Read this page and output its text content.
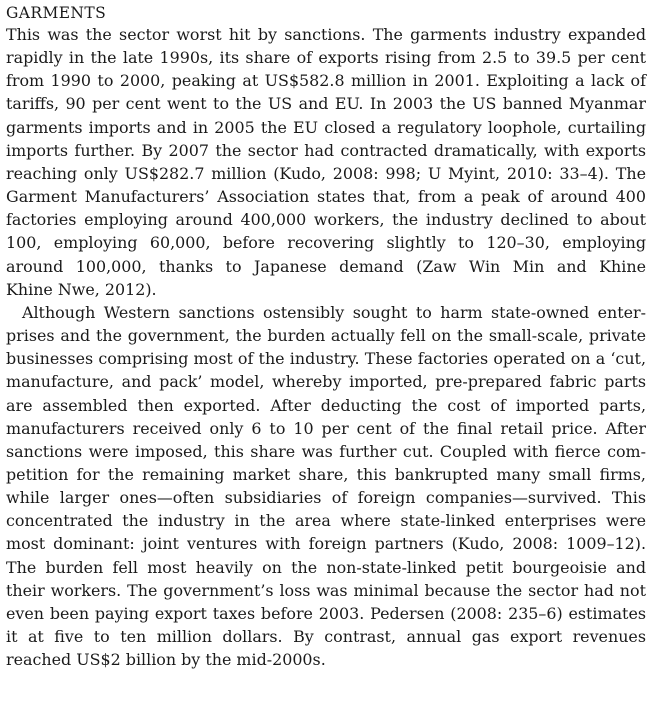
GARMENTS

This was the sector worst hit by sanctions. The garments industry expanded
rapidly in the late 1990s, its share of exports rising from 2.5 to 39.5 per cent
from 1990 to 2000, peaking at US$582.8 million in 2001. Exploiting a lack of
tariffs, 90 per cent went to the US and EU. In 2003 the US banned Myanmar
garments imports and in 2005 the EU closed a regulatory loophole, curtailing
imports further. By 2007 the sector had contracted dramatically, with exports
reaching only US$282.7 million (Kudo, 2008: 998; U Myint, 2010: 33–4). The
Garment Manufacturers’ Association states that, from a peak of around 400
factories employing around 400,000 workers, the industry declined to about
100, employing 60,000, before recovering slightly to 120–30, employing
around 100,000, thanks to Japanese demand (Zaw Win Min and Khine
Khine Nwe, 2012).

Although Western sanctions ostensibly sought to harm state-owned enter-
prises and the government, the burden actually fell on the small-scale, private
businesses comprising most of the industry. These factories operated on a ‘cut,
manufacture, and pack’ model, whereby imported, pre-prepared fabric parts
are assembled then exported. After deducting the cost of imported parts,
manufacturers received only 6 to 10 per cent of the final retail price. After
sanctions were imposed, this share was further cut. Coupled with fierce com-
petition for the remaining market share, this bankrupted many small firms,
while larger ones—often subsidiaries of foreign companies—survived. This
concentrated the industry in the area where state-linked enterprises were
most dominant: joint ventures with foreign partners (Kudo, 2008: 1009–12).
The burden fell most heavily on the non-state-linked petit bourgeoisie and
their workers. The government’s loss was minimal because the sector had not
even been paying export taxes before 2003. Pedersen (2008: 235–6) estimates
it at five to ten million dollars. By contrast, annual gas export revenues
reached US$2 billion by the mid-2000s.
